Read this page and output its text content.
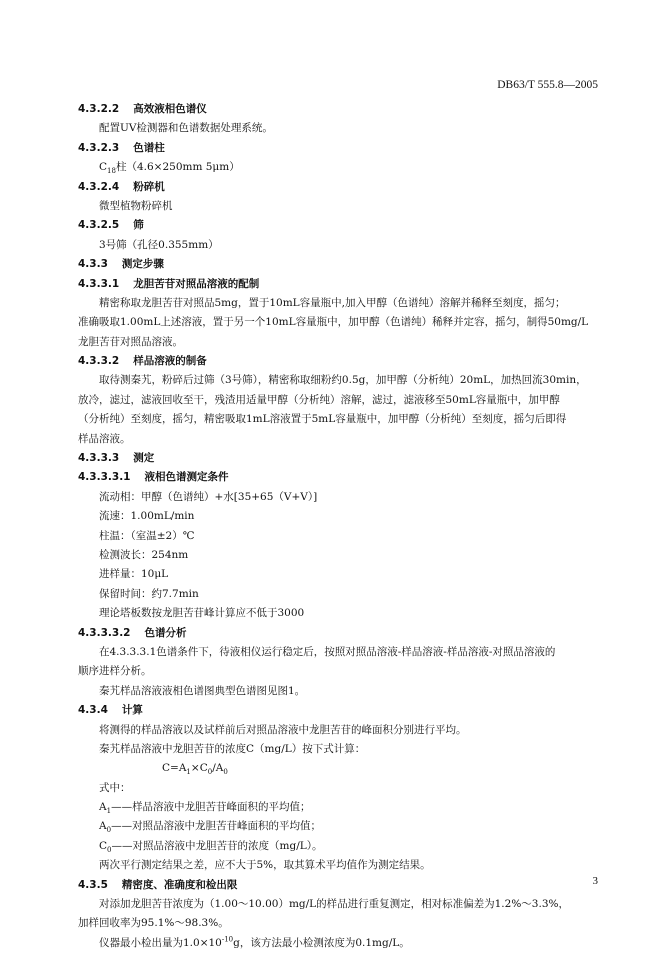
DB63/T 555.8—2005
4.3.2.2 高效液相色谱仪
配置UV检测器和色谱数据处理系统。
4.3.2.3 色谱柱
$C_{18}$柱（4.6×250mm 5μm）
4.3.2.4 粉碎机
微型植物粉碎机
4.3.2.5 筛
3号筛（孔径0.355mm）
4.3.3 测定步骤
4.3.3.1 龙胆苦苷对照品溶液的配制
精密称取龙胆苦苷对照品5mg，置于10mL容量瓶中,加入甲醇（色谱纯）溶解并稀释至刻度，摇匀；
准确吸取1.00mL上述溶液，置于另一个10mL容量瓶中，加甲醇（色谱纯）稀释并定容，摇匀，制得50mg/L
龙胆苦苷对照品溶液。
4.3.3.2 样品溶液的制备
取待测秦艽，粉碎后过筛（3号筛），精密称取细粉约0.5g，加甲醇（分析纯）20mL，加热回流30min，
放冷，滤过，滤液回收至干，残渣用适量甲醇（分析纯）溶解，滤过，滤液移至50mL容量瓶中，加甲醇
（分析纯）至刻度，摇匀，精密吸取1mL溶液置于5mL容量瓶中，加甲醇（分析纯）至刻度，摇匀后即得
样品溶液。
4.3.3.3 测定
4.3.3.3.1 液相色谱测定条件
流动相：甲醇（色谱纯）+水[35+65（V+V）]
流速：1.00mL/min
柱温：（室温±2）℃
检测波长：254nm
进样量：10μL
保留时间：约7.7min
理论塔板数按龙胆苦苷峰计算应不低于3000
4.3.3.3.2 色谱分析
在4.3.3.3.1色谱条件下，待液相仪运行稳定后，按照对照品溶液-样品溶液-样品溶液-对照品溶液的
顺序进样分析。
秦艽样品溶液液相色谱图典型色谱图见图1。
4.3.4 计算
将测得的样品溶液以及试样前后对照品溶液中龙胆苦苷的峰面积分别进行平均。
秦艽样品溶液中龙胆苦苷的浓度C（mg/L）按下式计算：
$C=A_1\times C_0/A_0$
式中：
$A_1——$样品溶液中龙胆苦苷峰面积的平均值；
$A_0——$对照品溶液中龙胆苦苷峰面积的平均值；
$C_0——$对照品溶液中龙胆苦苷的浓度（mg/L）。
两次平行测定结果之差，应不大于5%，取其算术平均值作为测定结果。
4.3.5 精密度、准确度和检出限
对添加龙胆苦苷浓度为（1.00～10.00）mg/L的样品进行重复测定，相对标准偏差为1.2%～3.3%，
加样回收率为95.1%～98.3%。
仪器最小检出量为$1.0\times 10^{-10}g$，该方法最小检测浓度为0.1mg/L。
3
